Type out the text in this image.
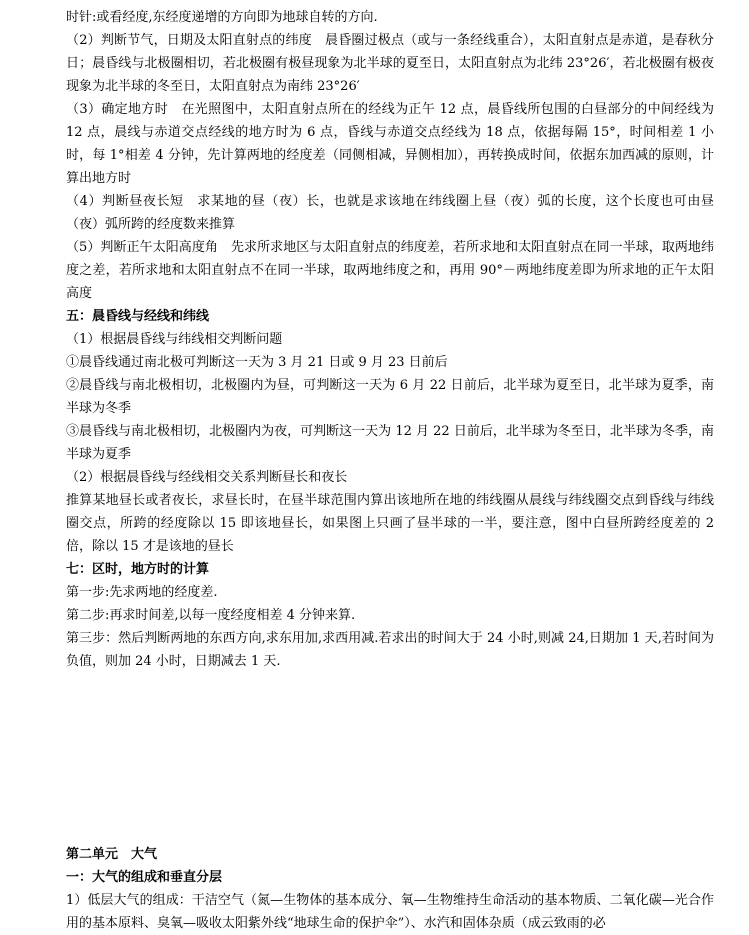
时针:或看经度,东经度递增的方向即为地球自转的方向.

（2）判断节气，日期及太阳直射点的纬度　晨昏圈过极点（或与一条经线重合），太阳直射点是赤道，是春秋分日；晨昏线与北极圈相切，若北极圈有极昼现象为北半球的夏至日，太阳直射点为北纬 23°26′，若北极圈有极夜现象为北半球的冬至日，太阳直射点为南纬 23°26′

（3）确定地方时　在光照图中，太阳直射点所在的经线为正午 12 点，晨昏线所包围的白昼部分的中间经线为 12 点，晨线与赤道交点经线的地方时为 6 点，昏线与赤道交点经线为 18 点，依据每隔 15°，时间相差 1 小时，每 1°相差 4 分钟，先计算两地的经度差（同侧相减，异侧相加），再转换成时间，依据东加西减的原则，计算出地方时

（4）判断昼夜长短　求某地的昼（夜）长，也就是求该地在纬线圈上昼（夜）弧的长度，这个长度也可由昼（夜）弧所跨的经度数来推算

（5）判断正午太阳高度角　先求所求地区与太阳直射点的纬度差，若所求地和太阳直射点在同一半球，取两地纬度之差，若所求地和太阳直射点不在同一半球，取两地纬度之和，再用 90°－两地纬度差即为所求地的正午太阳高度

五：晨昏线与经线和纬线

（1）根据晨昏线与纬线相交判断问题

①晨昏线通过南北极可判断这一天为 3 月 21 日或 9 月 23 日前后

②晨昏线与南北极相切，北极圈内为昼，可判断这一天为 6 月 22 日前后，北半球为夏至日，北半球为夏季，南半球为冬季

③晨昏线与南北极相切，北极圈内为夜，可判断这一天为 12 月 22 日前后，北半球为冬至日，北半球为冬季，南半球为夏季

（2）根据晨昏线与经线相交关系判断昼长和夜长

推算某地昼长或者夜长，求昼长时，在昼半球范围内算出该地所在地的纬线圈从晨线与纬线圈交点到昏线与纬线圈交点，所跨的经度除以 15 即该地昼长，如果图上只画了昼半球的一半，要注意，图中白昼所跨经度差的 2 倍，除以 15 才是该地的昼长

七：区时，地方时的计算

第一步:先求两地的经度差.

第二步:再求时间差,以每一度经度相差 4 分钟来算.

第三步：然后判断两地的东西方向,求东用加,求西用减.若求出的时间大于 24 小时,则减 24,日期加 1 天,若时间为负值，则加 24 小时，日期减去 1 天.

第二单元　大气

一：大气的组成和垂直分层

1）低层大气的组成：干洁空气（氮—生物体的基本成分、氧—生物维持生命活动的基本物质、二氧化碳—光合作用的基本原料、臭氧—吸收太阳紫外线“地球生命的保护伞”）、水汽和固体杂质（成云致雨的必
